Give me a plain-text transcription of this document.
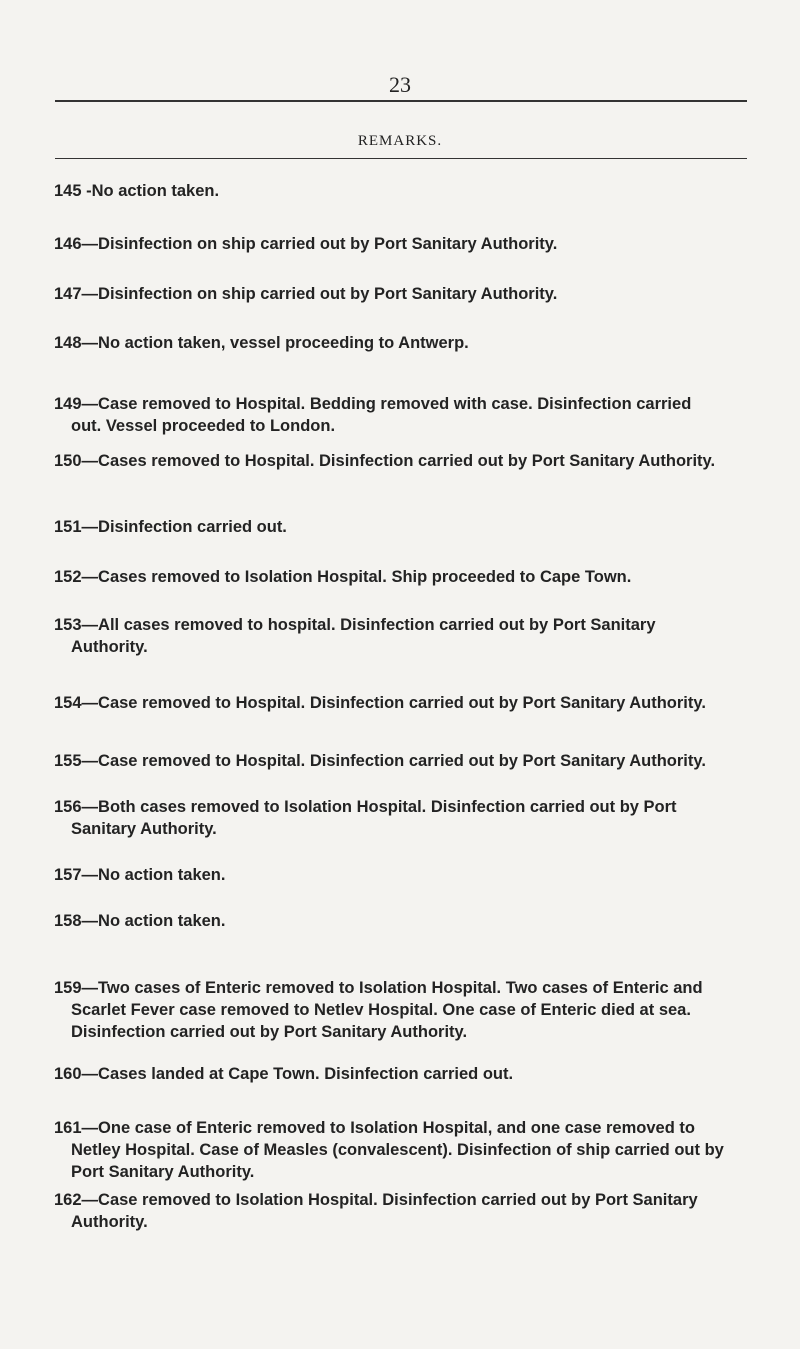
23
REMARKS.
145 -No action taken.
146—Disinfection on ship carried out by Port Sanitary Authority.
147—Disinfection on ship carried out by Port Sanitary Authority.
148—No action taken, vessel proceeding to Antwerp.
149—Case removed to Hospital. Bedding removed with case. Disinfection carried
out. Vessel proceeded to London.
150—Cases removed to Hospital. Disinfection carried out by Port Sanitary Authority.
151—Disinfection carried out.
152—Cases removed to Isolation Hospital. Ship proceeded to Cape Town.
153—All cases removed to hospital. Disinfection carried out by Port Sanitary
Authority.
154—Case removed to Hospital. Disinfection carried out by Port Sanitary Authority.
155—Case removed to Hospital. Disinfection carried out by Port Sanitary Authority.
156—Both cases removed to Isolation Hospital. Disinfection carried out by Port
Sanitary Authority.
157—No action taken.
158—No action taken.
159—Two cases of Enteric removed to Isolation Hospital. Two cases of Enteric and
Scarlet Fever case removed to Netlev Hospital. One case of Enteric died at sea. Disinfection carried out by Port Sanitary Authority.
160—Cases landed at Cape Town. Disinfection carried out.
161—One case of Enteric removed to Isolation Hospital, and one case removed to
Netley Hospital. Case of Measles (convalescent). Disinfection of ship carried out by Port Sanitary Authority.
162—Case removed to Isolation Hospital. Disinfection carried out by Port Sanitary
Authority.
